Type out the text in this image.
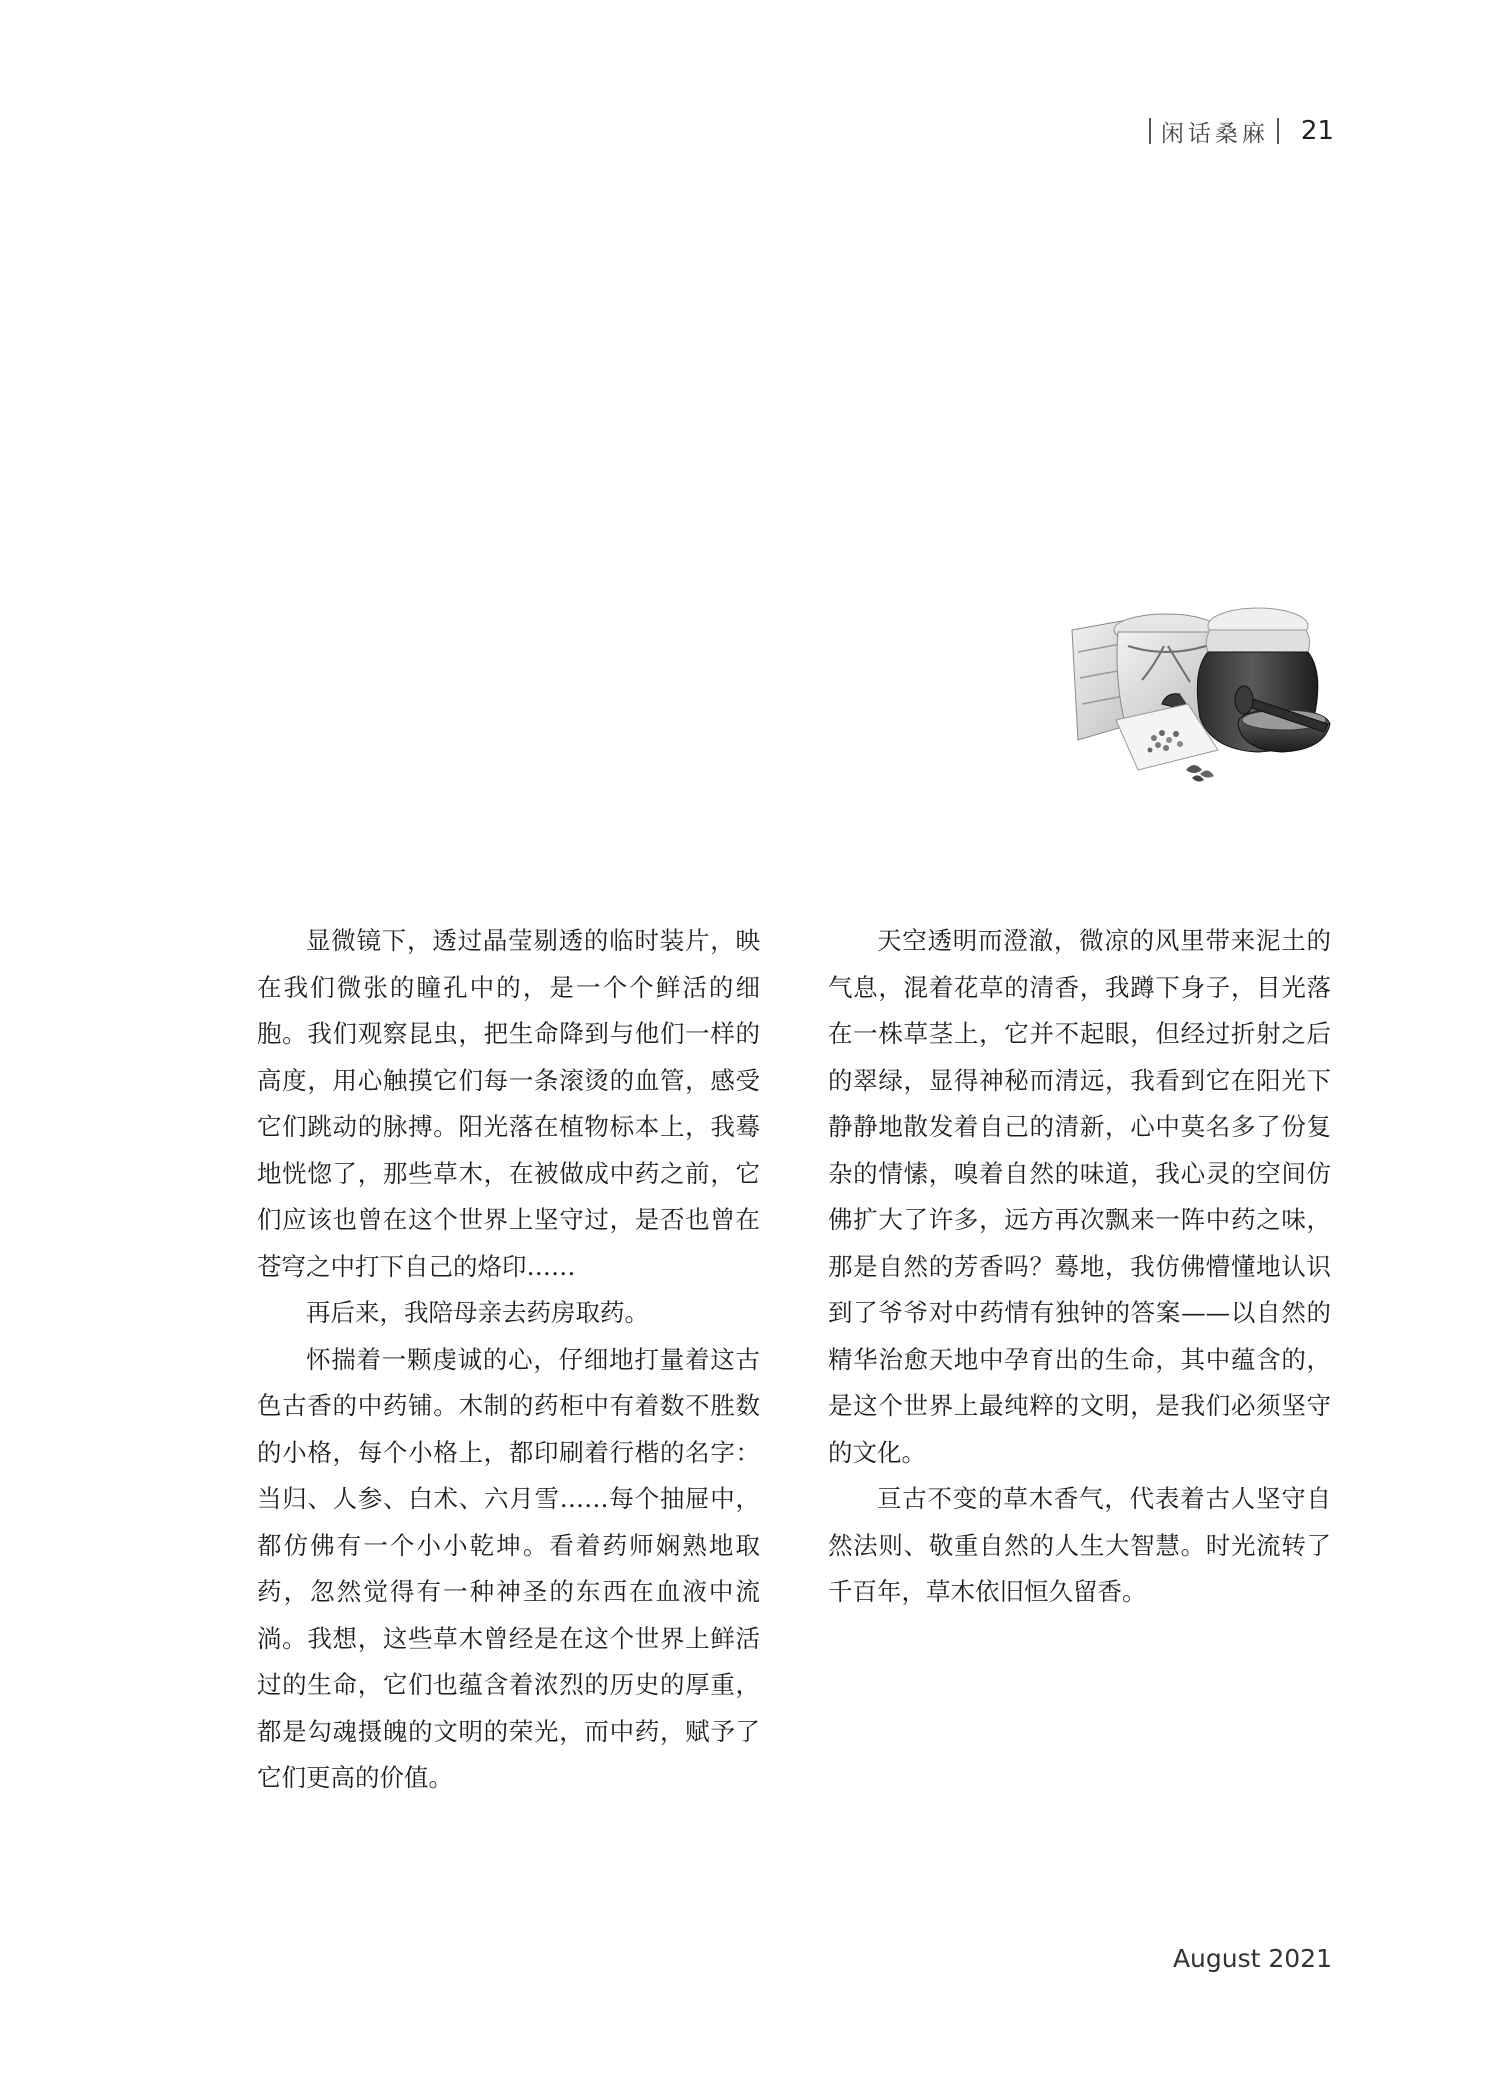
闲话桑麻	21

显微镜下，透过晶莹剔透的临时装片，映在我们微张的瞳孔中的，是一个个鲜活的细胞。我们观察昆虫，把生命降到与他们一样的高度，用心触摸它们每一条滚烫的血管，感受它们跳动的脉搏。阳光落在植物标本上，我蓦地恍惚了，那些草木，在被做成中药之前，它们应该也曾在这个世界上坚守过，是否也曾在苍穹之中打下自己的烙印……

再后来，我陪母亲去药房取药。

怀揣着一颗虔诚的心，仔细地打量着这古色古香的中药铺。木制的药柜中有着数不胜数的小格，每个小格上，都印刷着行楷的名字：当归、人参、白术、六月雪……每个抽屉中，都仿佛有一个小小乾坤。看着药师娴熟地取药，忽然觉得有一种神圣的东西在血液中流淌。我想，这些草木曾经是在这个世界上鲜活过的生命，它们也蕴含着浓烈的历史的厚重，都是勾魂摄魄的文明的荣光，而中药，赋予了它们更高的价值。

天空透明而澄澈，微凉的风里带来泥土的气息，混着花草的清香，我蹲下身子，目光落在一株草茎上，它并不起眼，但经过折射之后的翠绿，显得神秘而清远，我看到它在阳光下静静地散发着自己的清新，心中莫名多了份复杂的情愫，嗅着自然的味道，我心灵的空间仿佛扩大了许多，远方再次飘来一阵中药之味，那是自然的芳香吗？蓦地，我仿佛懵懂地认识到了爷爷对中药情有独钟的答案——以自然的精华治愈天地中孕育出的生命，其中蕴含的，是这个世界上最纯粹的文明，是我们必须坚守的文化。

亘古不变的草木香气，代表着古人坚守自然法则、敬重自然的人生大智慧。时光流转了千百年，草木依旧恒久留香。

August 2021
